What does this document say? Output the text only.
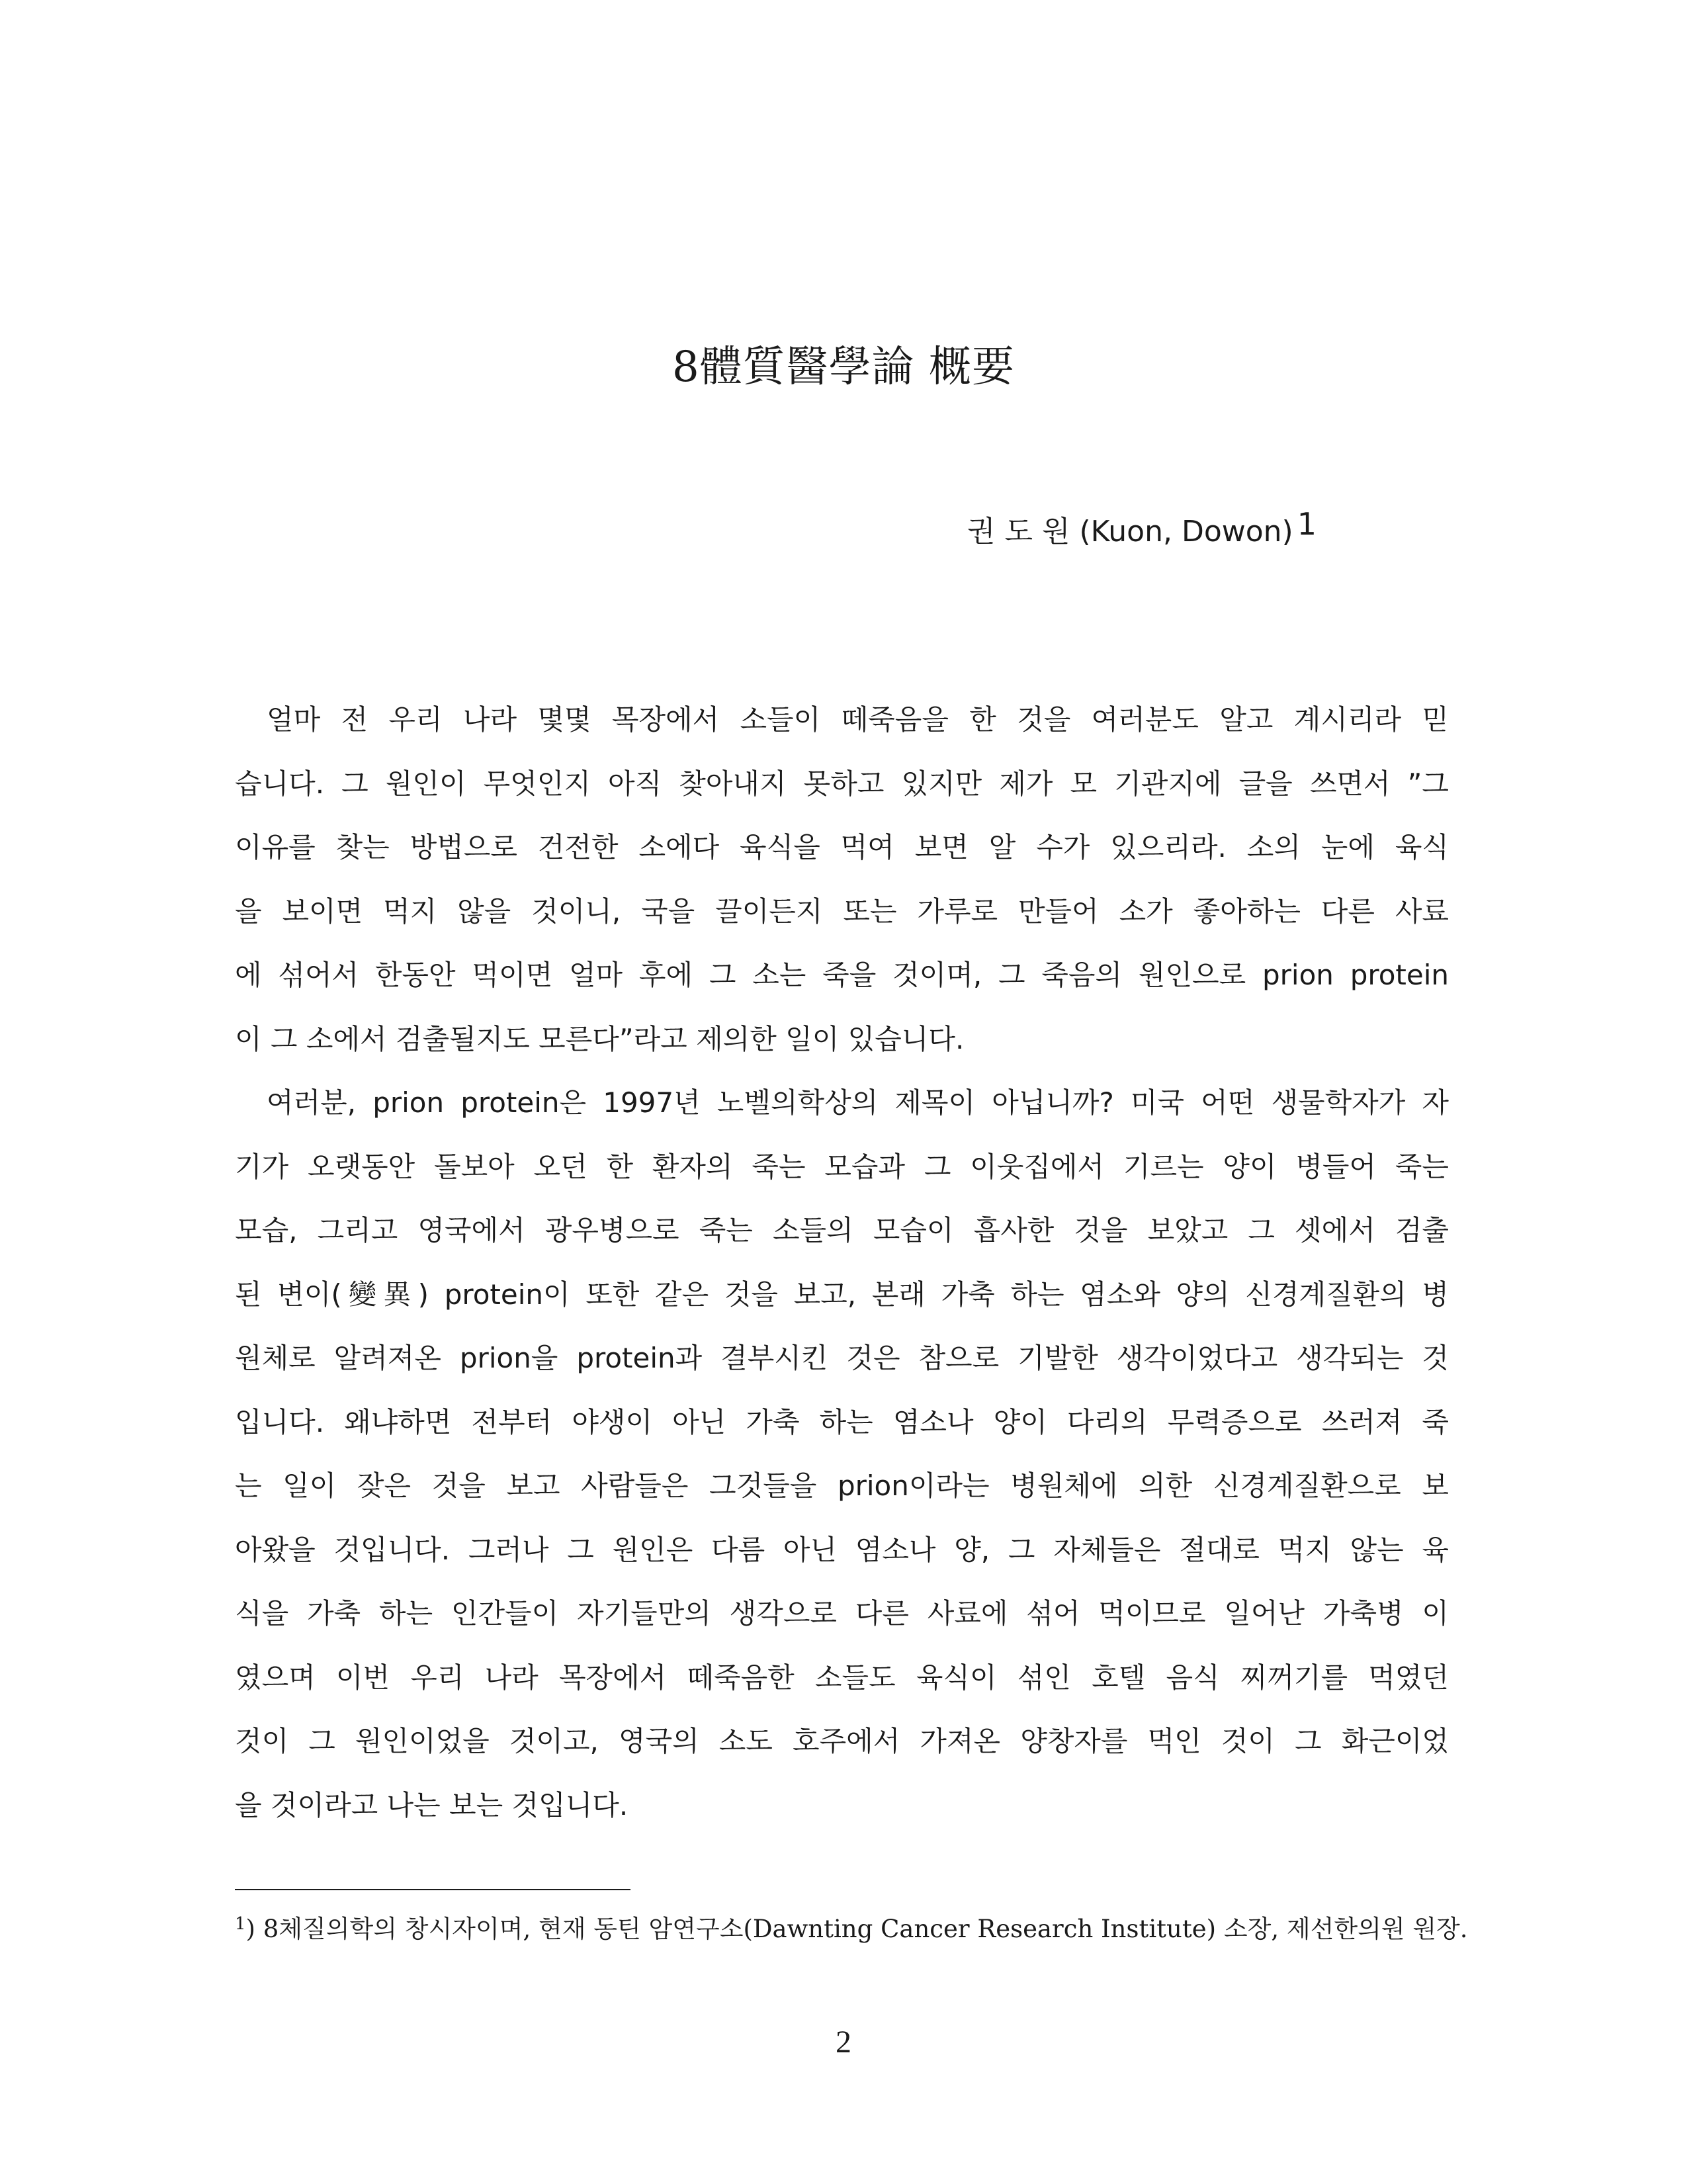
8體質醫學論 概要
권 도 원 (Kuon, Dowon) $^1$
얼마 전 우리 나라 몇몇 목장에서 소들이 떼죽음을 한 것을 여러분도 알고 계시리라 믿
습니다. 그 원인이 무엇인지 아직 찾아내지 못하고 있지만 제가 모 기관지에 글을 쓰면서 ”그
이유를 찾는 방법으로 건전한 소에다 육식을 먹여 보면 알 수가 있으리라. 소의 눈에 육식
을 보이면 먹지 않을 것이니, 국을 끌이든지 또는 가루로 만들어 소가 좋아하는 다른 사료
에 섞어서 한동안 먹이면 얼마 후에 그 소는 죽을 것이며, 그 죽음의 원인으로 prion protein
이 그 소에서 검출될지도 모른다”라고 제의한 일이 있습니다.
여러분, prion protein은 1997년 노벨의학상의 제목이 아닙니까? 미국 어떤 생물학자가 자
기가 오랫동안 돌보아 오던 한 환자의 죽는 모습과 그 이웃집에서 기르는 양이 병들어 죽는
모습, 그리고 영국에서 광우병으로 죽는 소들의 모습이 흡사한 것을 보았고 그 셋에서 검출
된 변이(變異) protein이 또한 같은 것을 보고, 본래 가축 하는 염소와 양의 신경계질환의 병
원체로 알려져온 prion을 protein과 결부시킨 것은 참으로 기발한 생각이었다고 생각되는 것
입니다. 왜냐하면 전부터 야생이 아닌 가축 하는 염소나 양이 다리의 무력증으로 쓰러져 죽
는 일이 잦은 것을 보고 사람들은 그것들을 prion이라는 병원체에 의한 신경계질환으로 보
아왔을 것입니다. 그러나 그 원인은 다름 아닌 염소나 양, 그 자체들은 절대로 먹지 않는 육
식을 가축 하는 인간들이 자기들만의 생각으로 다른 사료에 섞어 먹이므로 일어난 가축병 이
였으며 이번 우리 나라 목장에서 떼죽음한 소들도 육식이 섞인 호텔 음식 찌꺼기를 먹였던
것이 그 원인이었을 것이고, 영국의 소도 호주에서 가져온 양창자를 먹인 것이 그 화근이었
을 것이라고 나는 보는 것입니다.
$^1$) 8체질의학의 창시자이며, 현재 동틴 암연구소(Dawnting Cancer Research Institute) 소장, 제선한의원 원장.
2
